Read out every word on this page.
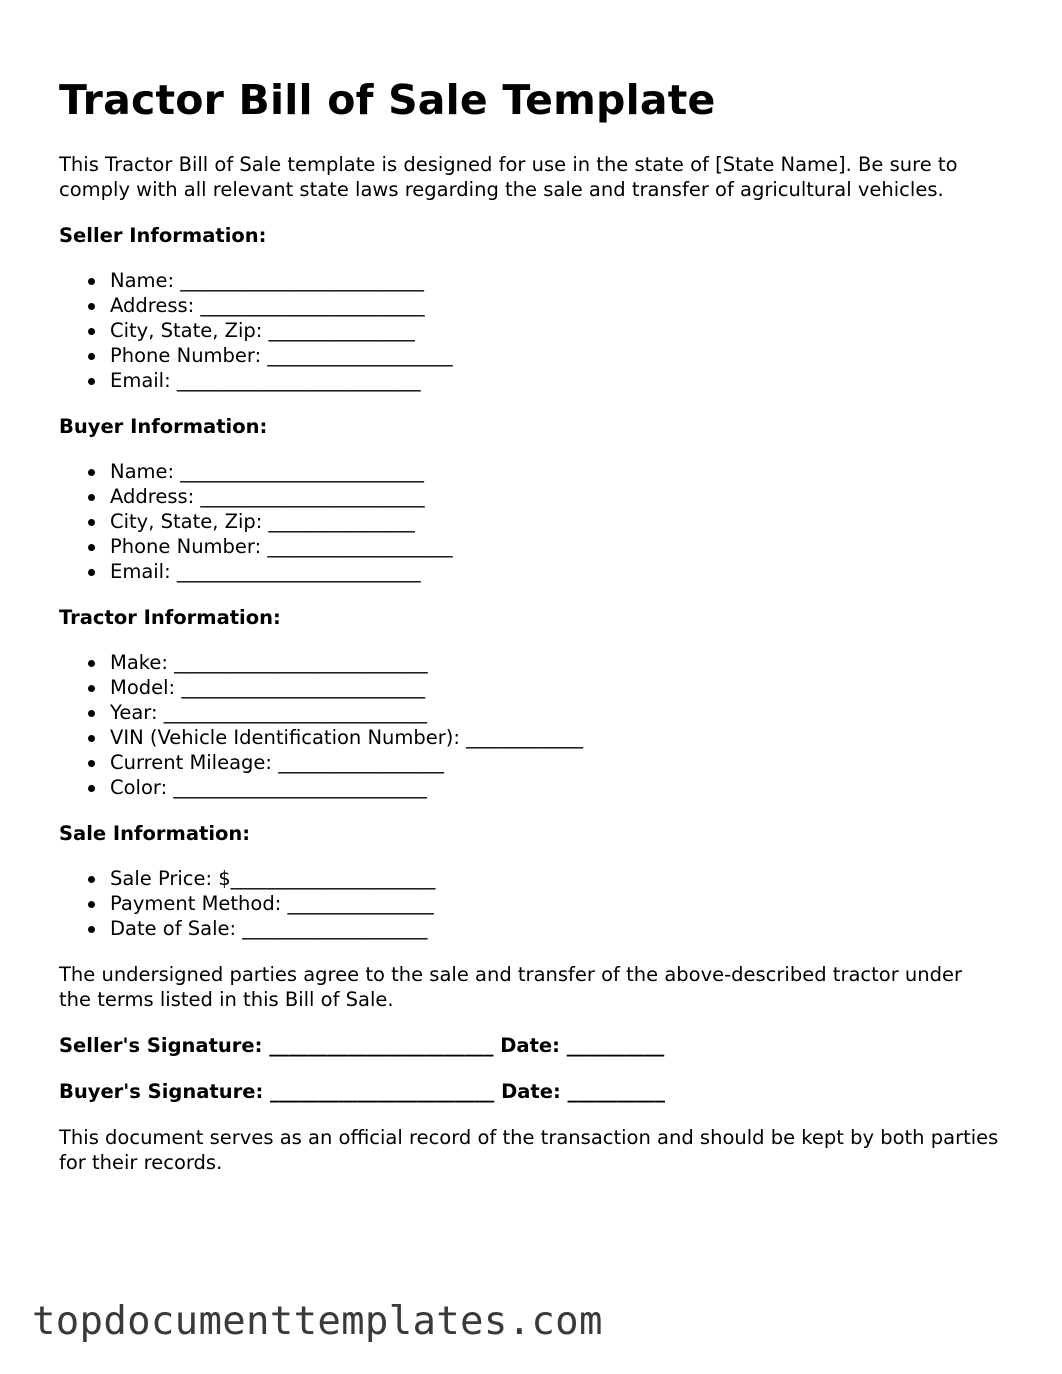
Tractor Bill of Sale Template

This Tractor Bill of Sale template is designed for use in the state of [State Name]. Be sure to comply with all relevant state laws regarding the sale and transfer of agricultural vehicles.

Seller Information:
Name: _________________________
Address: _______________________
City, State, Zip: _______________
Phone Number: ___________________
Email: _________________________
Buyer Information:
Name: _________________________
Address: _______________________
City, State, Zip: _______________
Phone Number: ___________________
Email: _________________________
Tractor Information:
Make: __________________________
Model: _________________________
Year: ___________________________
VIN (Vehicle Identification Number): ____________
Current Mileage: _________________
Color: __________________________
Sale Information:
Sale Price: $_____________________
Payment Method: _______________
Date of Sale: ___________________

The undersigned parties agree to the sale and transfer of the above-described tractor under the terms listed in this Bill of Sale.

Seller's Signature: _______________________ Date: __________
Buyer's Signature: _______________________ Date: __________

This document serves as an official record of the transaction and should be kept by both parties for their records.

topdocumenttemplates.com
